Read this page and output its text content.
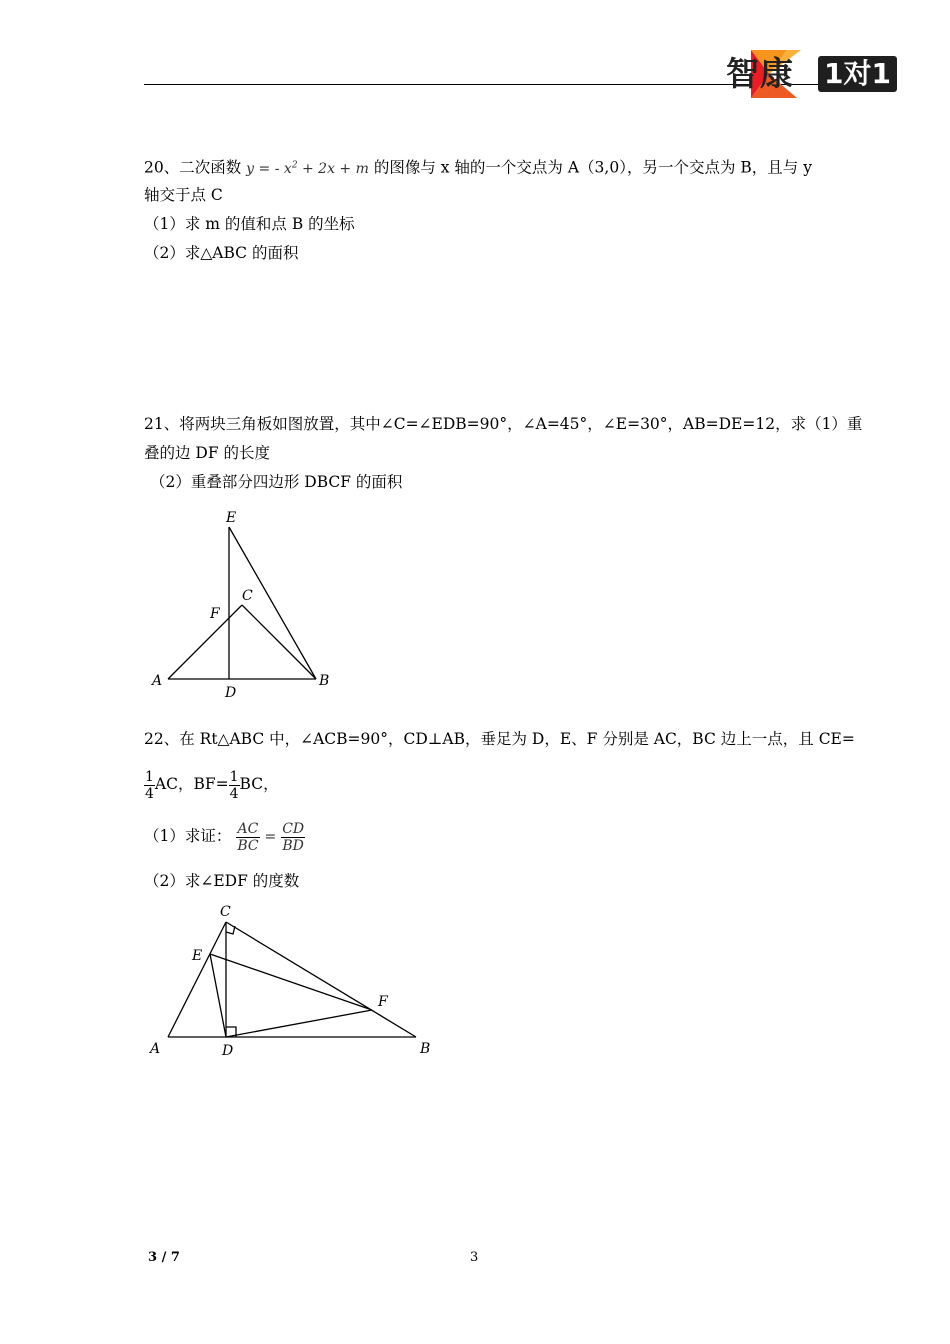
智康 1对1
20、二次函数 y = - $x^2 + 2x + m$ 的图像与 x 轴的一个交点为 A（3,0），另一个交点为 B，且与 y
轴交于点 C
（1）求 m 的值和点 B 的坐标
（2）求△ABC 的面积
21、将两块三角板如图放置，其中∠C=∠EDB=90°，∠A=45°，∠E=30°，AB=DE=12，求（1）重
叠的边 DF 的长度
（2）重叠部分四边形 DBCF 的面积
E
C
F
A
D
B
22、在 Rt△ABC 中，∠ACB=90°，CD⊥AB，垂足为 D，E、F 分别是 AC，BC 边上一点，且 CE=
$\frac{1}{4}$ AC，$BF= \frac{1}{4}$ BC，
（1）求证： $\frac{AC}{BC} = \frac{CD}{BD}$
（2）求∠EDF 的度数
C
E
F
A	D	B
3 / 7	3
